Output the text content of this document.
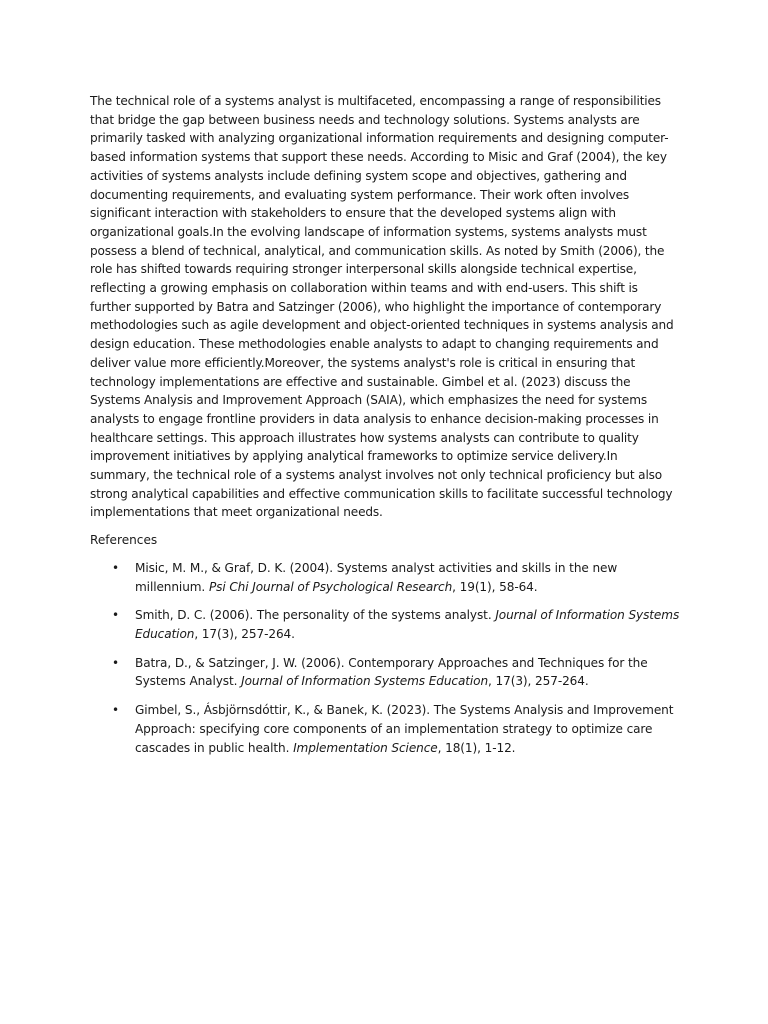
The technical role of a systems analyst is multifaceted, encompassing a range of responsibilities that bridge the gap between business needs and technology solutions. Systems analysts are primarily tasked with analyzing organizational information requirements and designing computer-based information systems that support these needs. According to Misic and Graf (2004), the key activities of systems analysts include defining system scope and objectives, gathering and documenting requirements, and evaluating system performance. Their work often involves significant interaction with stakeholders to ensure that the developed systems align with organizational goals.In the evolving landscape of information systems, systems analysts must possess a blend of technical, analytical, and communication skills. As noted by Smith (2006), the role has shifted towards requiring stronger interpersonal skills alongside technical expertise, reflecting a growing emphasis on collaboration within teams and with end-users. This shift is further supported by Batra and Satzinger (2006), who highlight the importance of contemporary methodologies such as agile development and object-oriented techniques in systems analysis and design education. These methodologies enable analysts to adapt to changing requirements and deliver value more efficiently.Moreover, the systems analyst's role is critical in ensuring that technology implementations are effective and sustainable. Gimbel et al. (2023) discuss the Systems Analysis and Improvement Approach (SAIA), which emphasizes the need for systems analysts to engage frontline providers in data analysis to enhance decision-making processes in healthcare settings. This approach illustrates how systems analysts can contribute to quality improvement initiatives by applying analytical frameworks to optimize service delivery.In summary, the technical role of a systems analyst involves not only technical proficiency but also strong analytical capabilities and effective communication skills to facilitate successful technology implementations that meet organizational needs.

References

• Misic, M. M., & Graf, D. K. (2004). Systems analyst activities and skills in the new millennium. Psi Chi Journal of Psychological Research, 19(1), 58-64.
• Smith, D. C. (2006). The personality of the systems analyst. Journal of Information Systems Education, 17(3), 257-264.
• Batra, D., & Satzinger, J. W. (2006). Contemporary Approaches and Techniques for the Systems Analyst. Journal of Information Systems Education, 17(3), 257-264.
• Gimbel, S., Ásbjörnsdóttir, K., & Banek, K. (2023). The Systems Analysis and Improvement Approach: specifying core components of an implementation strategy to optimize care cascades in public health. Implementation Science, 18(1), 1-12.
